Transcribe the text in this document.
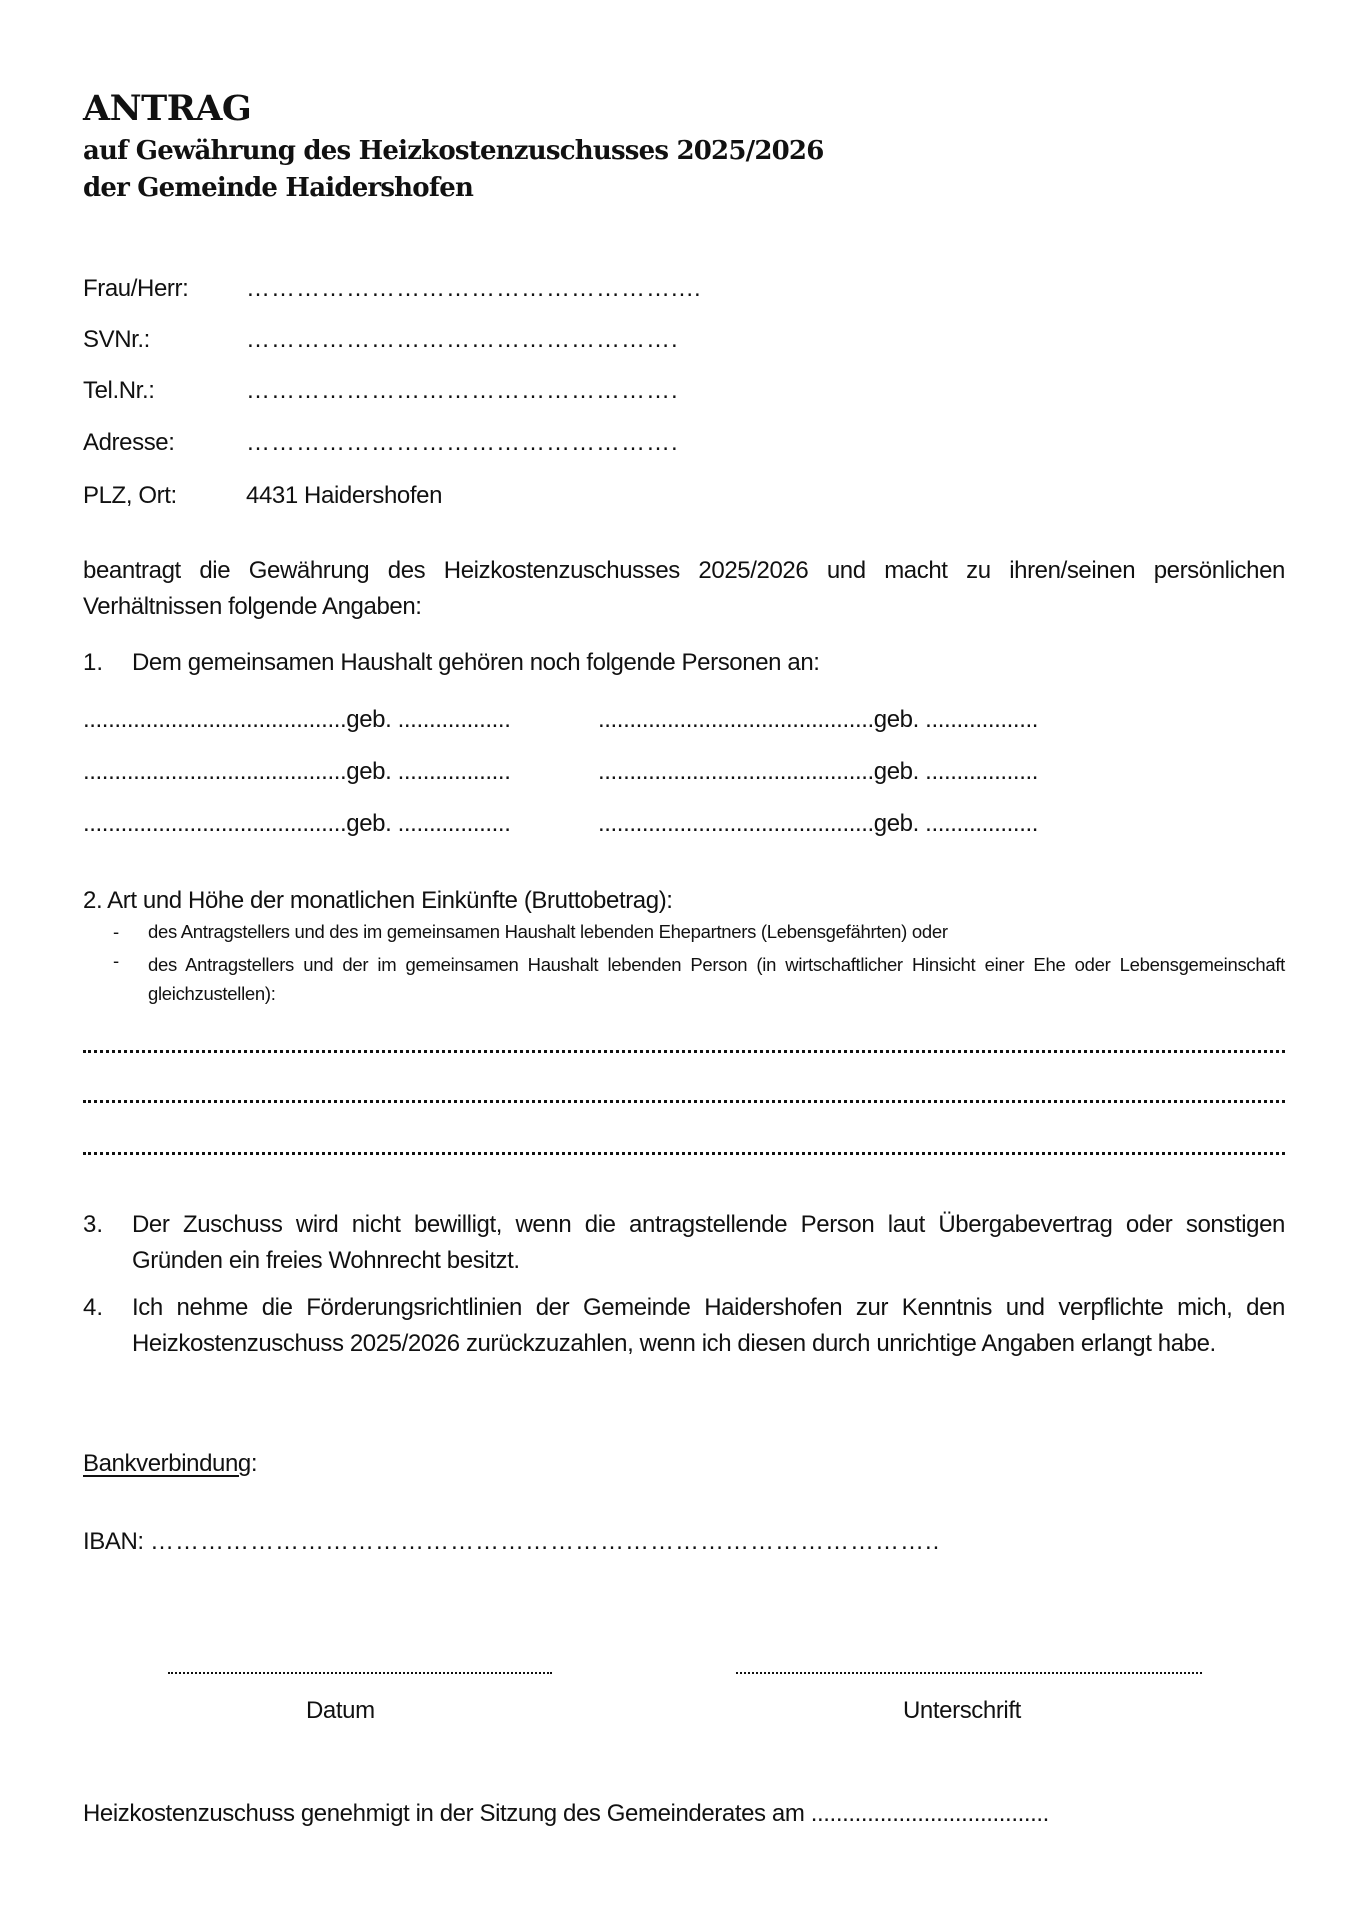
ANTRAG
auf Gewährung des Heizkostenzuschusses 2025/2026
der Gemeinde Haidershofen
Frau/Herr: ……………………………………………....
SVNr.:	…………………………………………….
Tel.Nr.:	…………………………………………….
Adresse:	…………………………………………….
PLZ, Ort:	4431 Haidershofen
beantragt die Gewährung des Heizkostenzuschusses 2025/2026 und macht zu ihren/seinen persönlichen Verhältnissen folgende Angaben:
1. Dem gemeinsamen Haushalt gehören noch folgende Personen an:
..........................................geb. ..................	............................................geb. ..................
..........................................geb. ..................	............................................geb. ..................
..........................................geb. ..................	............................................geb. ..................
2. Art und Höhe der monatlichen Einkünfte (Bruttobetrag):
- des Antragstellers und des im gemeinsamen Haushalt lebenden Ehepartners (Lebensgefährten) oder
- des Antragstellers und der im gemeinsamen Haushalt lebenden Person (in wirtschaftlicher Hinsicht einer Ehe oder Lebensgemeinschaft gleichzustellen):
3. Der Zuschuss wird nicht bewilligt, wenn die antragstellende Person laut Übergabevertrag oder sonstigen Gründen ein freies Wohnrecht besitzt.
4. Ich nehme die Förderungsrichtlinien der Gemeinde Haidershofen zur Kenntnis und verpflichte mich, den Heizkostenzuschuss 2025/2026 zurückzuzahlen, wenn ich diesen durch unrichtige Angaben erlangt habe.
Bankverbindung:
IBAN: …………………………………………………………………………………..
Datum	Unterschrift
Heizkostenzuschuss genehmigt in der Sitzung des Gemeinderates am ......................................
